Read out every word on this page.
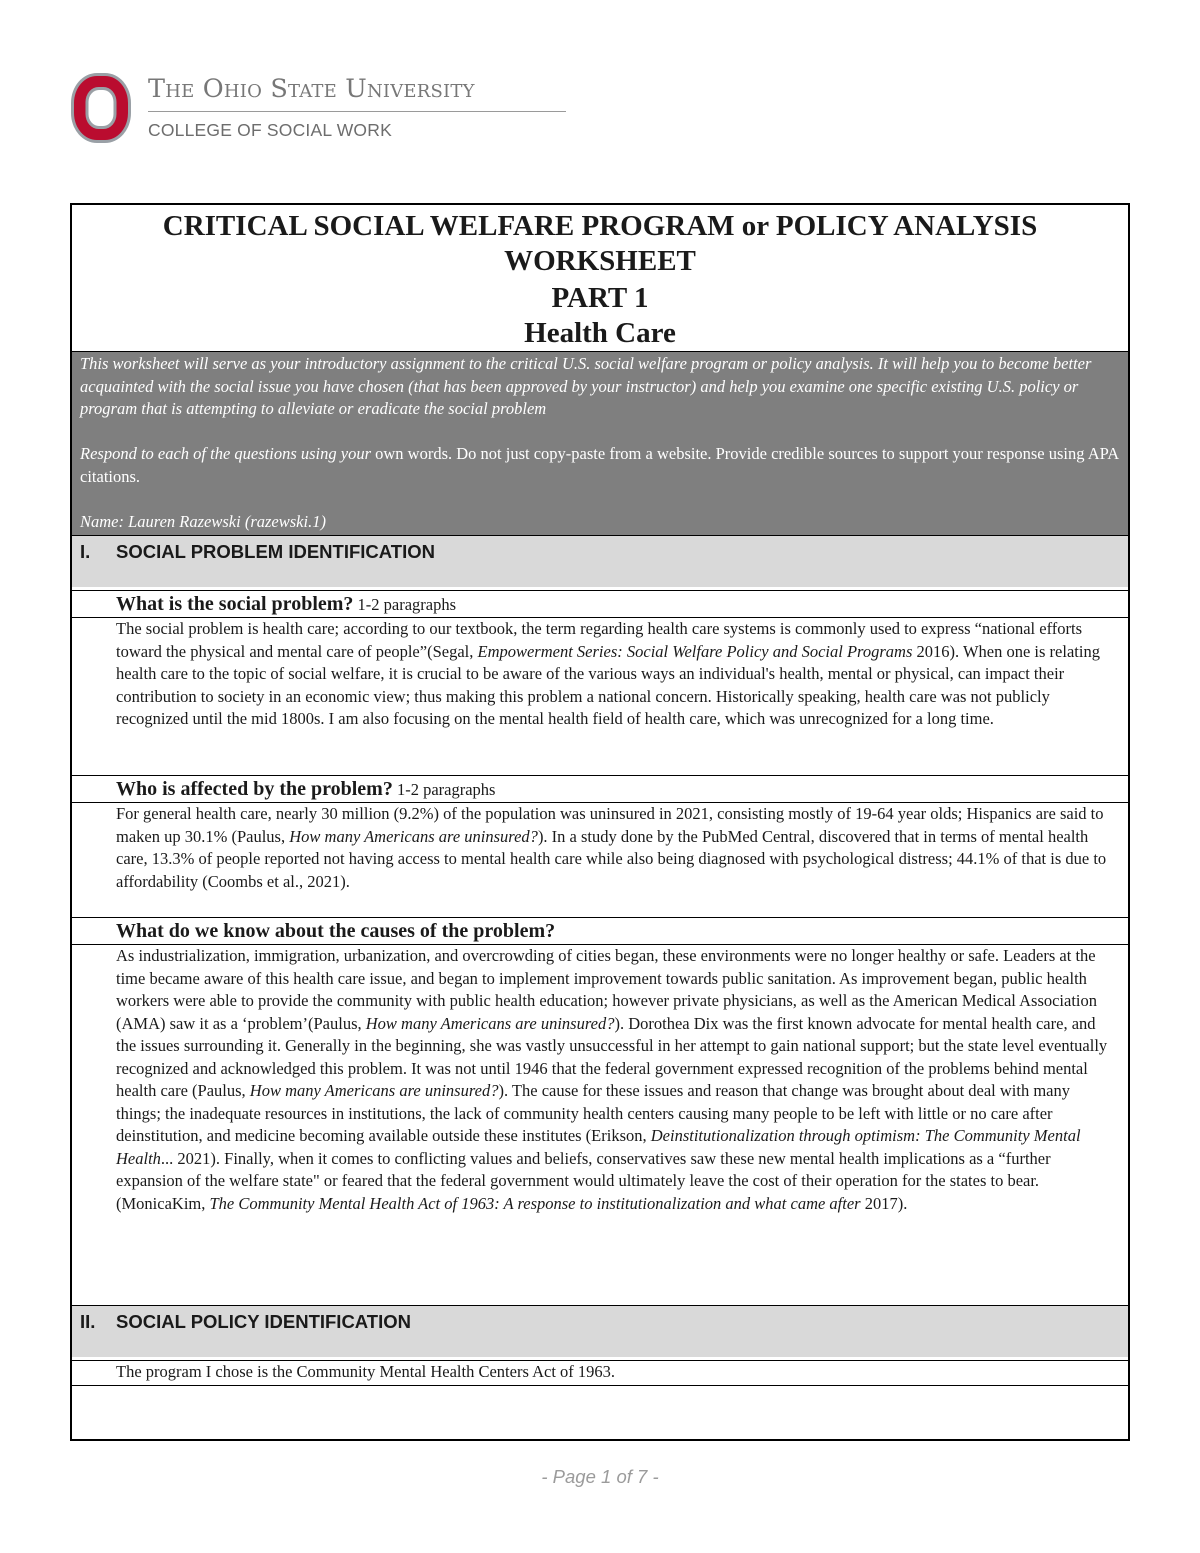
The Ohio State University
COLLEGE OF SOCIAL WORK
CRITICAL SOCIAL WELFARE PROGRAM or POLICY ANALYSIS
WORKSHEET
PART 1
Health Care

This worksheet will serve as your introductory assignment to the critical U.S. social welfare program or policy analysis. It will help you to become better acquainted with the social issue you have chosen (that has been approved by your instructor) and help you examine one specific existing U.S. policy or program that is attempting to alleviate or eradicate the social problem

Respond to each of the questions using your own words. Do not just copy-paste from a website. Provide credible sources to support your response using APA citations.

Name: Lauren Razewski (razewski.1)

I. SOCIAL PROBLEM IDENTIFICATION
What is the social problem? 1-2 paragraphs

The social problem is health care; according to our textbook, the term regarding health care systems is commonly used to express “national efforts toward the physical and mental care of people”(Segal, Empowerment Series: Social Welfare Policy and Social Programs 2016). When one is relating health care to the topic of social welfare, it is crucial to be aware of the various ways an individual's health, mental or physical, can impact their contribution to society in an economic view; thus making this problem a national concern. Historically speaking, health care was not publicly recognized until the mid 1800s. I am also focusing on the mental health field of health care, which was unrecognized for a long time.

Who is affected by the problem? 1-2 paragraphs

For general health care, nearly 30 million (9.2%) of the population was uninsured in 2021, consisting mostly of 19-64 year olds; Hispanics are said to maken up 30.1% (Paulus, How many Americans are uninsured?). In a study done by the PubMed Central, discovered that in terms of mental health care, 13.3% of people reported not having access to mental health care while also being diagnosed with psychological distress; 44.1% of that is due to affordability (Coombs et al., 2021).

What do we know about the causes of the problem?

As industrialization, immigration, urbanization, and overcrowding of cities began, these environments were no longer healthy or safe. Leaders at the time became aware of this health care issue, and began to implement improvement towards public sanitation. As improvement began, public health workers were able to provide the community with public health education; however private physicians, as well as the American Medical Association (AMA) saw it as a ‘problem’(Paulus, How many Americans are uninsured?). Dorothea Dix was the first known advocate for mental health care, and the issues surrounding it. Generally in the beginning, she was vastly unsuccessful in her attempt to gain national support; but the state level eventually recognized and acknowledged this problem. It was not until 1946 that the federal government expressed recognition of the problems behind mental health care (Paulus, How many Americans are uninsured?). The cause for these issues and reason that change was brought about deal with many things; the inadequate resources in institutions, the lack of community health centers causing many people to be left with little or no care after deinstitution, and medicine becoming available outside these institutes (Erikson, Deinstitutionalization through optimism: The Community Mental Health... 2021). Finally, when it comes to conflicting values and beliefs, conservatives saw these new mental health implications as a “further expansion of the welfare state" or feared that the federal government would ultimately leave the cost of their operation for the states to bear. (MonicaKim, The Community Mental Health Act of 1963: A response to institutionalization and what came after 2017).

II. SOCIAL POLICY IDENTIFICATION

The program I chose is the Community Mental Health Centers Act of 1963.

- Page 1 of 7 -
